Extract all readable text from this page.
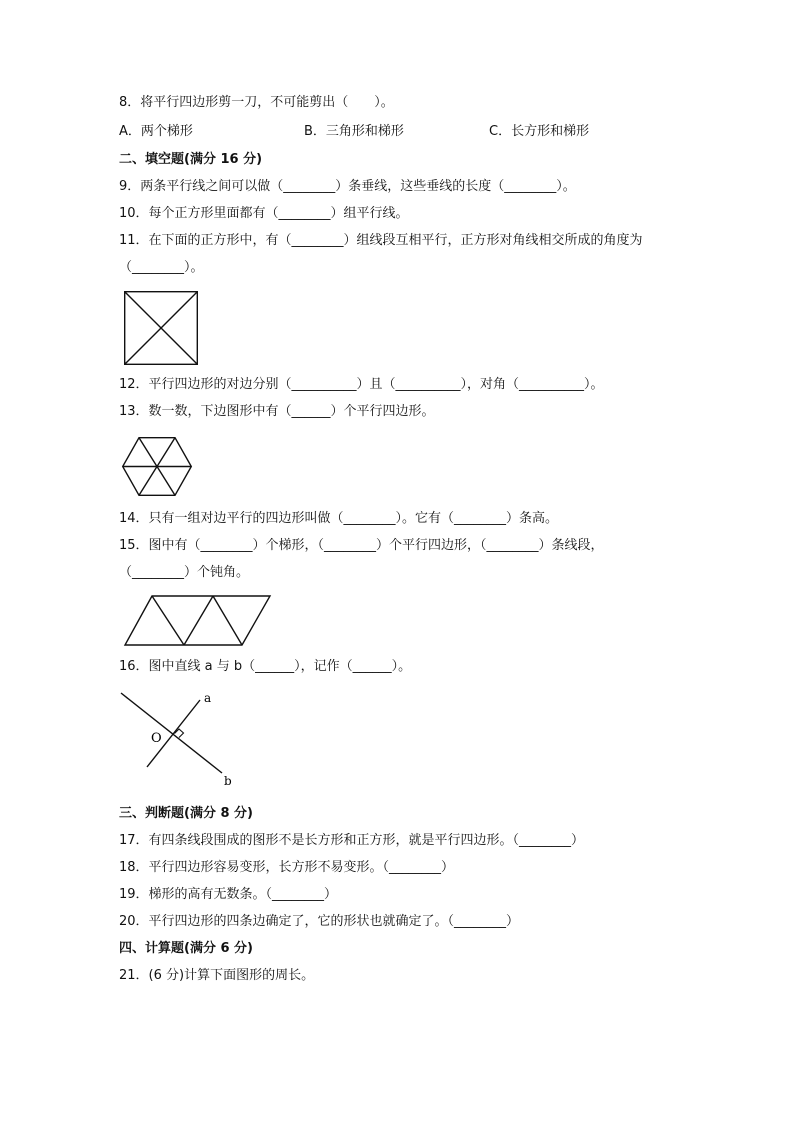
8．将平行四边形剪一刀，不可能剪出（　　）。
A．两个梯形	B．三角形和梯形	C．长方形和梯形
二、填空题(满分 16 分)
9．两条平行线之间可以做（________）条垂线，这些垂线的长度（________）。
10．每个正方形里面都有（________）组平行线。
11．在下面的正方形中，有（________）组线段互相平行，正方形对角线相交所成的角度为
（________）。
12．平行四边形的对边分别（__________）且（__________），对角（__________）。
13．数一数，下边图形中有（______）个平行四边形。
14．只有一组对边平行的四边形叫做（________）。它有（________）条高。
15．图中有（________）个梯形，（________）个平行四边形，（________）条线段，
（________）个钝角。
16．图中直线 a 与 b（______），记作（______）。
a
b
O
三、判断题(满分 8 分)
17．有四条线段围成的图形不是长方形和正方形，就是平行四边形。（________）
18．平行四边形容易变形，长方形不易变形。（________）
19．梯形的高有无数条。（________）
20．平行四边形的四条边确定了，它的形状也就确定了。（________）
四、计算题(满分 6 分)
21．(6 分)计算下面图形的周长。
